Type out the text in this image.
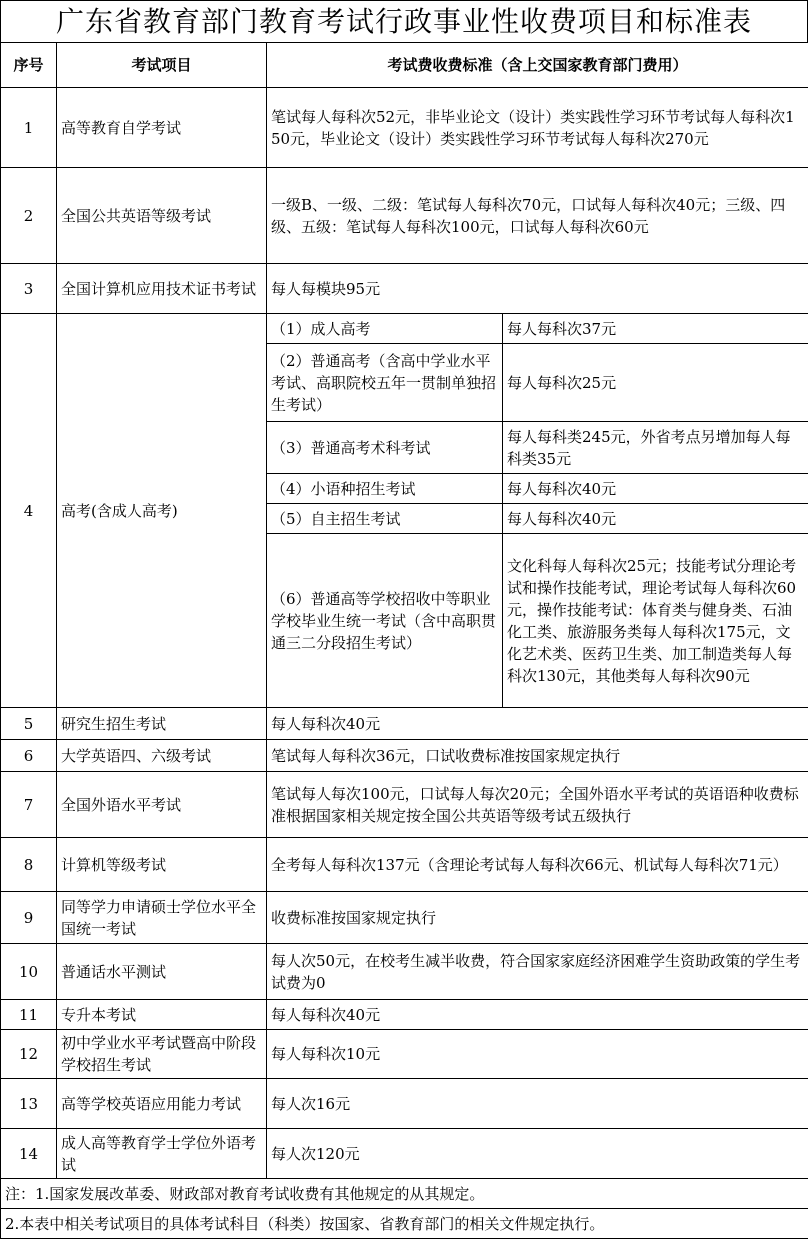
广东省教育部门教育考试行政事业性收费项目和标准表
序号	考试项目	考试费收费标准（含上交国家教育部门费用）	
1	高等教育自学考试	笔试每人每科次52元，非毕业论文（设计）类实践性学习环节考试每人每科次150元，毕业论文（设计）类实践性学习环节考试每人每科次270元	
2	全国公共英语等级考试	一级B、一级、二级：笔试每人每科次70元，口试每人每科次40元；三级、四级、五级：笔试每人每科次100元，口试每人每科次60元	
3	全国计算机应用技术证书考试	每人每模块95元	
4	高考(含成人高考)	（1）成人高考	每人每科次37元
		（2）普通高考（含高中学业水平考试、高职院校五年一贯制单独招生考试）	每人每科次25元
		（3）普通高考术科考试	每人每科类245元，外省考点另增加每人每科类35元
		（4）小语种招生考试	每人每科次40元
		（5）自主招生考试	每人每科次40元
		（6）普通高等学校招收中等职业学校毕业生统一考试（含中高职贯通三二分段招生考试）	文化科每人每科次25元；技能考试分理论考试和操作技能考试，理论考试每人每科次60元，操作技能考试：体育类与健身类、石油化工类、旅游服务类每人每科次175元，文化艺术类、医药卫生类、加工制造类每人每科次130元，其他类每人每科次90元
5	研究生招生考试	每人每科次40元	
6	大学英语四、六级考试	笔试每人每科次36元，口试收费标准按国家规定执行	
7	全国外语水平考试	笔试每人每次100元，口试每人每次20元；全国外语水平考试的英语语种收费标准根据国家相关规定按全国公共英语等级考试五级执行	
8	计算机等级考试	全考每人每科次137元（含理论考试每人每科次66元、机试每人每科次71元）	
9	同等学力申请硕士学位水平全国统一考试	收费标准按国家规定执行	
10	普通话水平测试	每人次50元，在校考生减半收费，符合国家家庭经济困难学生资助政策的学生考试费为0	
11	专升本考试	每人每科次40元	
12	初中学业水平考试暨高中阶段学校招生考试	每人每科次10元	
13	高等学校英语应用能力考试	每人次16元	
14	成人高等教育学士学位外语考试	每人次120元	
注：1.国家发展改革委、财政部对教育考试收费有其他规定的从其规定。			
2.本表中相关考试项目的具体考试科目（科类）按国家、省教育部门的相关文件规定执行。			
